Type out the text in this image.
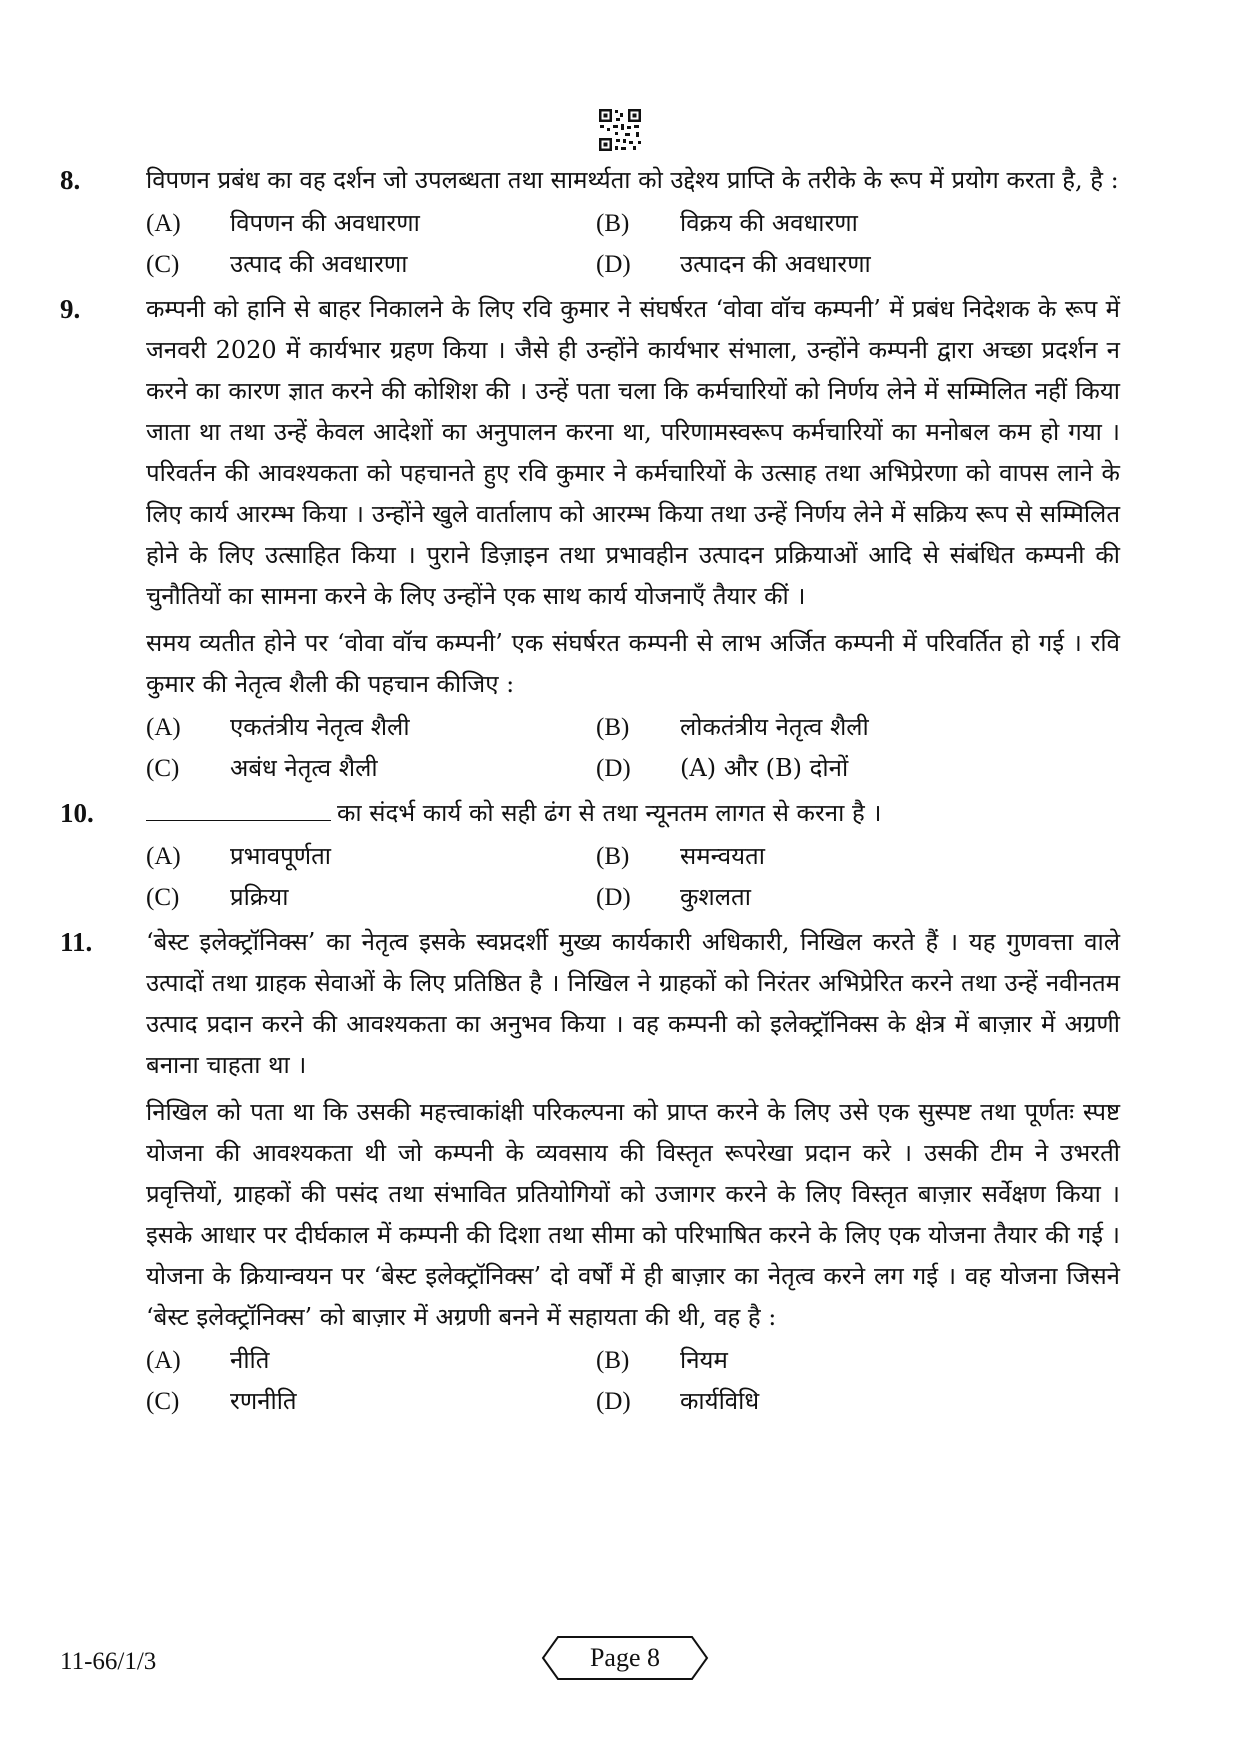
8.	विपणन प्रबंध का वह दर्शन जो उपलब्धता तथा सामर्थ्यता को उद्देश्य प्राप्ति के तरीके के रूप में प्रयोग करता है, है :

(A)	विपणन की अवधारणा	(B)	विक्रय की अवधारणा
(C)	उत्पाद की अवधारणा	(D)	उत्पादन की अवधारणा
9.	कम्पनी को हानि से बाहर निकालने के लिए रवि कुमार ने संघर्षरत ‘वोवा वॉच कम्पनी’ में प्रबंध निदेशक के रूप में जनवरी 2020 में कार्यभार ग्रहण किया । जैसे ही उन्होंने कार्यभार संभाला, उन्होंने कम्पनी द्वारा अच्छा प्रदर्शन न करने का कारण ज्ञात करने की कोशिश की । उन्हें पता चला कि कर्मचारियों को निर्णय लेने में सम्मिलित नहीं किया जाता था तथा उन्हें केवल आदेशों का अनुपालन करना था, परिणामस्वरूप कर्मचारियों का मनोबल कम हो गया । परिवर्तन की आवश्यकता को पहचानते हुए रवि कुमार ने कर्मचारियों के उत्साह तथा अभिप्रेरणा को वापस लाने के लिए कार्य आरम्भ किया । उन्होंने खुले वार्तालाप को आरम्भ किया तथा उन्हें निर्णय लेने में सक्रिय रूप से सम्मिलित होने के लिए उत्साहित किया । पुराने डिज़ाइन तथा प्रभावहीन उत्पादन प्रक्रियाओं आदि से संबंधित कम्पनी की चुनौतियों का सामना करने के लिए उन्होंने एक साथ कार्य योजनाएँ तैयार कीं ।

समय व्यतीत होने पर ‘वोवा वॉच कम्पनी’ एक संघर्षरत कम्पनी से लाभ अर्जित कम्पनी में परिवर्तित हो गई । रवि कुमार की नेतृत्व शैली की पहचान कीजिए :

(A)	एकतंत्रीय नेतृत्व शैली	(B)	लोकतंत्रीय नेतृत्व शैली
(C)	अबंध नेतृत्व शैली	(D)	(A) और (B) दोनों
10.	का संदर्भ कार्य को सही ढंग से तथा न्यूनतम लागत से करना है ।

(A)	प्रभावपूर्णता	(B)	समन्वयता
(C)	प्रक्रिया	(D)	कुशलता
11. ‘बेस्ट इलेक्ट्रॉनिक्स’ का नेतृत्व इसके स्वप्नदर्शी मुख्य कार्यकारी अधिकारी, निखिल करते हैं । यह गुणवत्ता वाले उत्पादों तथा ग्राहक सेवाओं के लिए प्रतिष्ठित है । निखिल ने ग्राहकों को निरंतर अभिप्रेरित करने तथा उन्हें नवीनतम उत्पाद प्रदान करने की आवश्यकता का अनुभव किया । वह कम्पनी को इलेक्ट्रॉनिक्स के क्षेत्र में बाज़ार में अग्रणी बनाना चाहता था ।

निखिल को पता था कि उसकी महत्त्वाकांक्षी परिकल्पना को प्राप्त करने के लिए उसे एक सुस्पष्ट तथा पूर्णतः स्पष्ट योजना की आवश्यकता थी जो कम्पनी के व्यवसाय की विस्तृत रूपरेखा प्रदान करे । उसकी टीम ने उभरती प्रवृत्तियों, ग्राहकों की पसंद तथा संभावित प्रतियोगियों को उजागर करने के लिए विस्तृत बाज़ार सर्वेक्षण किया । इसके आधार पर दीर्घकाल में कम्पनी की दिशा तथा सीमा को परिभाषित करने के लिए एक योजना तैयार की गई । योजना के क्रियान्वयन पर ‘बेस्ट इलेक्ट्रॉनिक्स’ दो वर्षों में ही बाज़ार का नेतृत्व करने लग गई । वह योजना जिसने ‘बेस्ट इलेक्ट्रॉनिक्स’ को बाज़ार में अग्रणी बनने में सहायता की थी, वह है :

(A)	नीति	(B)	नियम
(C)	रणनीति	(D)	कार्यविधि
11-66/1/3	Page 8
